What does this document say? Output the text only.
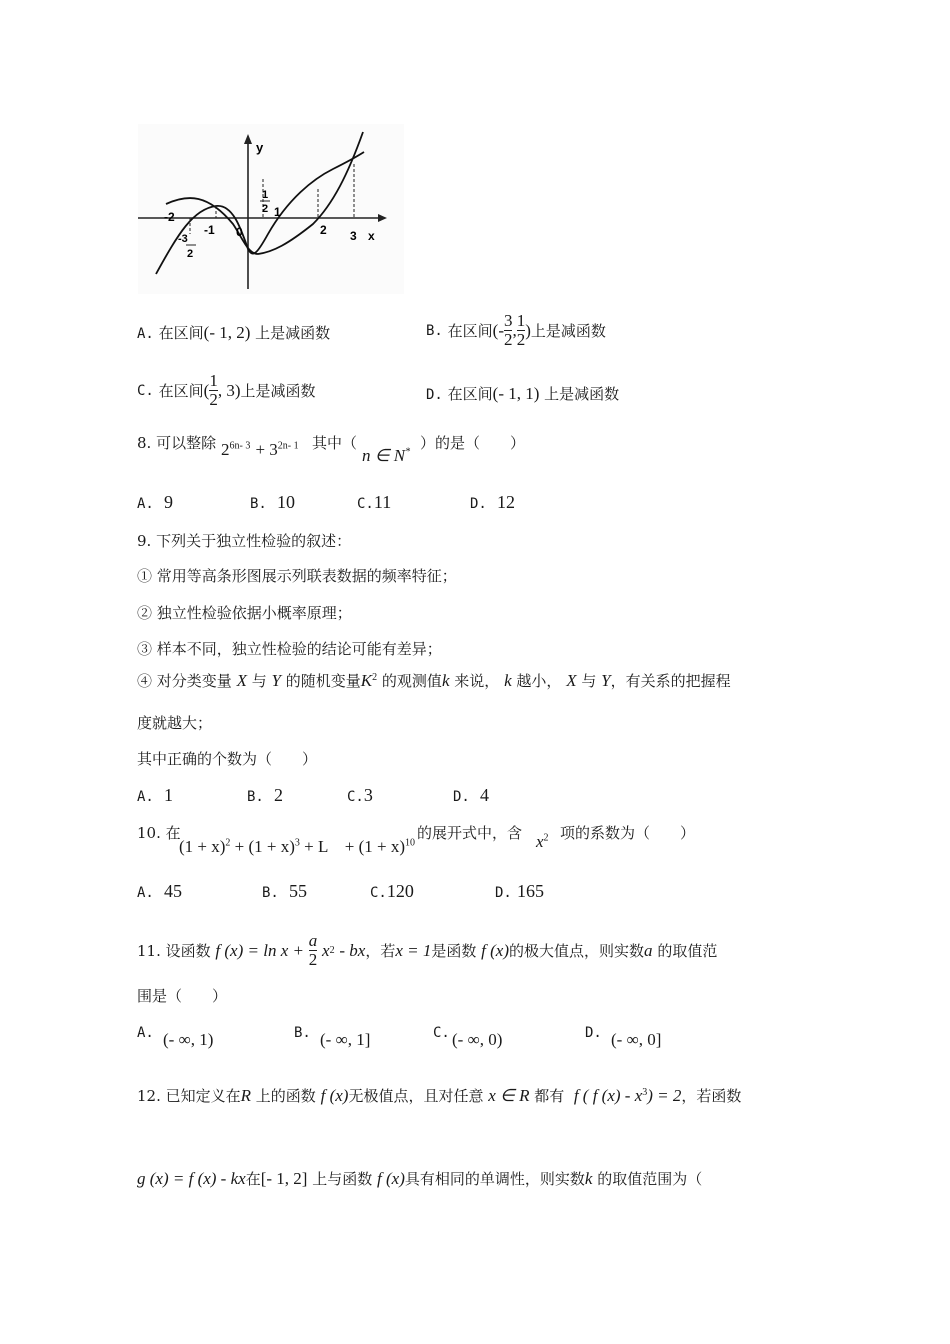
y
x
0
-2
-1
-3
2
1
2 1
2 3
A. 在区间(- 1, 2) 上是减函数	B.
在区间 (- $\frac{3}{2}$ , $\frac{1}{2}$ ) 上是减函数
C.
在区间 ( $\frac{1}{2}$ , 3) 上是减函数	D. 在区间(- 1, 1) 上是减函数
8. 可以整除 $2^{6n- 3} + 3^{2n- 1}$ 其中（
n ∈ N* ）的是（　　）
A. 9	B. 10	C.11	D. 12
9. 下列关于独立性检验的叙述：
① 常用等高条形图展示列联表数据的频率特征；
② 独立性检验依据小概率原理；
③ 样本不同，独立性检验的结论可能有差异；
④ 对分类变量 X 与 Y 的随机变量$K^2$ 的观测值k 来说， k 越小， X 与 Y，有关系的把握程
度就越大；
其中正确的个数为（　　）
A. 1	B. 2	C.3	D. 4
10. 在
$(1 + x)^2 + (1 + x)^3 + L$　+ $(1 + x)^{10}$
的展开式中，含 $x^2$ 项的系数为（　　）
A. 45	B. 55	C.120	D. 165
11. 设函数
f (x) = ln x +
$\frac{a}{2}$
x 2
- bx ，若 x = 1 是函数
f (x) 的极大值点，则实数 a
的取值范
围是（　　）
A. (- ∞, 1)	B. (- ∞, 1]	C. (- ∞, 0)	D. (- ∞, 0]
12. 已知定义在R 上的函数 f (x)无极值点，且对任意 x ∈ R 都有 f ( f $(x) - x^3) = 2$，若函数
g (x) = f (x) - kx在[- 1, 2] 上与函数 f (x)具有相同的单调性，则实数k 的取值范围为（
